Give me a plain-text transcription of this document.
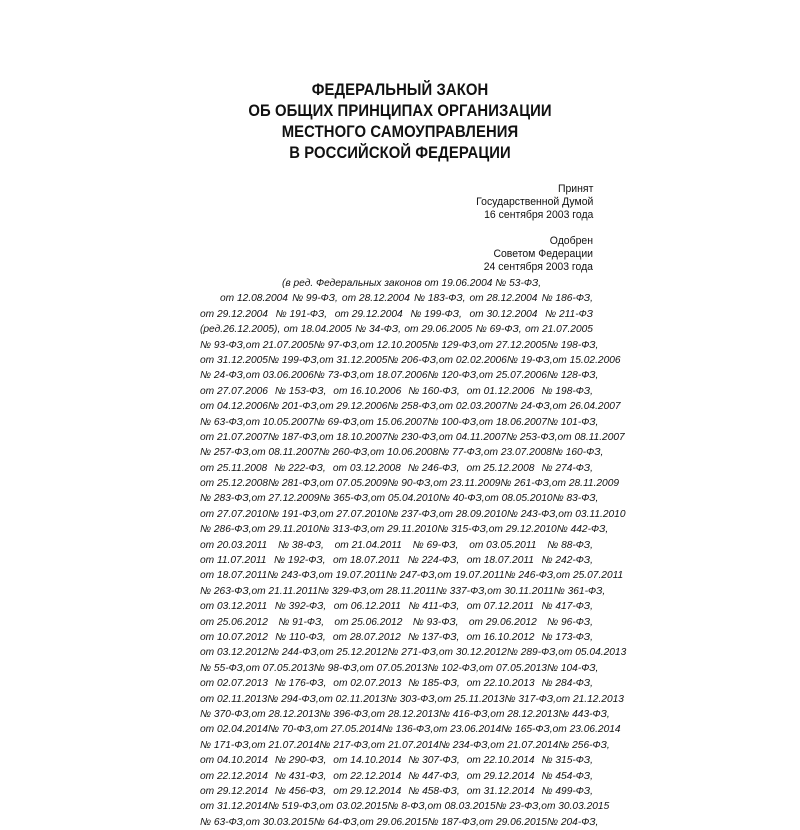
ФЕДЕРАЛЬНЫЙ ЗАКОН
ОБ ОБЩИХ ПРИНЦИПАХ ОРГАНИЗАЦИИ
МЕСТНОГО САМОУПРАВЛЕНИЯ
В РОССИЙСКОЙ ФЕДЕРАЦИИ
Принят
Государственной Думой
16 сентября 2003 года
Одобрен
Советом Федерации
24 сентября 2003 года
(в ред. Федеральных законов от 19.06.2004 № 53-ФЗ,
от 12.08.2004 № 99-ФЗ, от 28.12.2004 № 183-ФЗ, от 28.12.2004 № 186-ФЗ,
от 29.12.2004 № 191-ФЗ, от 29.12.2004 № 199-ФЗ, от 30.12.2004 № 211-ФЗ
(ред.26.12.2005), от 18.04.2005 № 34-ФЗ, от 29.06.2005 № 69-ФЗ, от 21.07.2005
№ 93-ФЗ, от 21.07.2005 № 97-ФЗ, от 12.10.2005 № 129-ФЗ, от 27.12.2005 № 198-ФЗ,
от 31.12.2005 № 199-ФЗ, от 31.12.2005 № 206-ФЗ, от 02.02.2006 № 19-ФЗ, от 15.02.2006
№ 24-ФЗ, от 03.06.2006 № 73-ФЗ, от 18.07.2006 № 120-ФЗ, от 25.07.2006 № 128-ФЗ,
от 27.07.2006 № 153-ФЗ, от 16.10.2006 № 160-ФЗ, от 01.12.2006 № 198-ФЗ,
от 04.12.2006 № 201-ФЗ, от 29.12.2006 № 258-ФЗ, от 02.03.2007 № 24-ФЗ, от 26.04.2007
№ 63-ФЗ, от 10.05.2007 № 69-ФЗ, от 15.06.2007 № 100-ФЗ, от 18.06.2007 № 101-ФЗ,
от 21.07.2007 № 187-ФЗ, от 18.10.2007 № 230-ФЗ, от 04.11.2007 № 253-ФЗ, от 08.11.2007
№ 257-ФЗ, от 08.11.2007 № 260-ФЗ, от 10.06.2008 № 77-ФЗ, от 23.07.2008 № 160-ФЗ,
от 25.11.2008 № 222-ФЗ, от 03.12.2008 № 246-ФЗ, от 25.12.2008 № 274-ФЗ,
от 25.12.2008 № 281-ФЗ, от 07.05.2009 № 90-ФЗ, от 23.11.2009 № 261-ФЗ, от 28.11.2009
№ 283-ФЗ, от 27.12.2009 № 365-ФЗ, от 05.04.2010 № 40-ФЗ, от 08.05.2010 № 83-ФЗ,
от 27.07.2010 № 191-ФЗ, от 27.07.2010 № 237-ФЗ, от 28.09.2010 № 243-ФЗ, от 03.11.2010
№ 286-ФЗ, от 29.11.2010 № 313-ФЗ, от 29.11.2010 № 315-ФЗ, от 29.12.2010 № 442-ФЗ,
от 20.03.2011 № 38-ФЗ, от 21.04.2011 № 69-ФЗ, от 03.05.2011 № 88-ФЗ,
от 11.07.2011 № 192-ФЗ, от 18.07.2011 № 224-ФЗ, от 18.07.2011 № 242-ФЗ,
от 18.07.2011 № 243-ФЗ, от 19.07.2011 № 247-ФЗ, от 19.07.2011 № 246-ФЗ, от 25.07.2011
№ 263-ФЗ, от 21.11.2011 № 329-ФЗ, от 28.11.2011 № 337-ФЗ, от 30.11.2011 № 361-ФЗ,
от 03.12.2011 № 392-ФЗ, от 06.12.2011 № 411-ФЗ, от 07.12.2011 № 417-ФЗ,
от 25.06.2012 № 91-ФЗ, от 25.06.2012 № 93-ФЗ, от 29.06.2012 № 96-ФЗ,
от 10.07.2012 № 110-ФЗ, от 28.07.2012 № 137-ФЗ, от 16.10.2012 № 173-ФЗ,
от 03.12.2012 № 244-ФЗ, от 25.12.2012 № 271-ФЗ, от 30.12.2012 № 289-ФЗ, от 05.04.2013
№ 55-ФЗ, от 07.05.2013 № 98-ФЗ, от 07.05.2013 № 102-ФЗ, от 07.05.2013 № 104-ФЗ,
от 02.07.2013 № 176-ФЗ, от 02.07.2013 № 185-ФЗ, от 22.10.2013 № 284-ФЗ,
от 02.11.2013 № 294-ФЗ, от 02.11.2013 № 303-ФЗ, от 25.11.2013 № 317-ФЗ, от 21.12.2013
№ 370-ФЗ, от 28.12.2013 № 396-ФЗ, от 28.12.2013 № 416-ФЗ, от 28.12.2013 № 443-ФЗ,
от 02.04.2014 № 70-ФЗ, от 27.05.2014 № 136-ФЗ, от 23.06.2014 № 165-ФЗ, от 23.06.2014
№ 171-ФЗ, от 21.07.2014 № 217-ФЗ, от 21.07.2014 № 234-ФЗ, от 21.07.2014 № 256-ФЗ,
от 04.10.2014 № 290-ФЗ, от 14.10.2014 № 307-ФЗ, от 22.10.2014 № 315-ФЗ,
от 22.12.2014 № 431-ФЗ, от 22.12.2014 № 447-ФЗ, от 29.12.2014 № 454-ФЗ,
от 29.12.2014 № 456-ФЗ, от 29.12.2014 № 458-ФЗ, от 31.12.2014 № 499-ФЗ,
от 31.12.2014 № 519-ФЗ, от 03.02.2015 № 8-ФЗ, от 08.03.2015 № 23-ФЗ, от 30.03.2015
№ 63-ФЗ, от 30.03.2015 № 64-ФЗ, от 29.06.2015 № 187-ФЗ, от 29.06.2015 № 204-ФЗ,
